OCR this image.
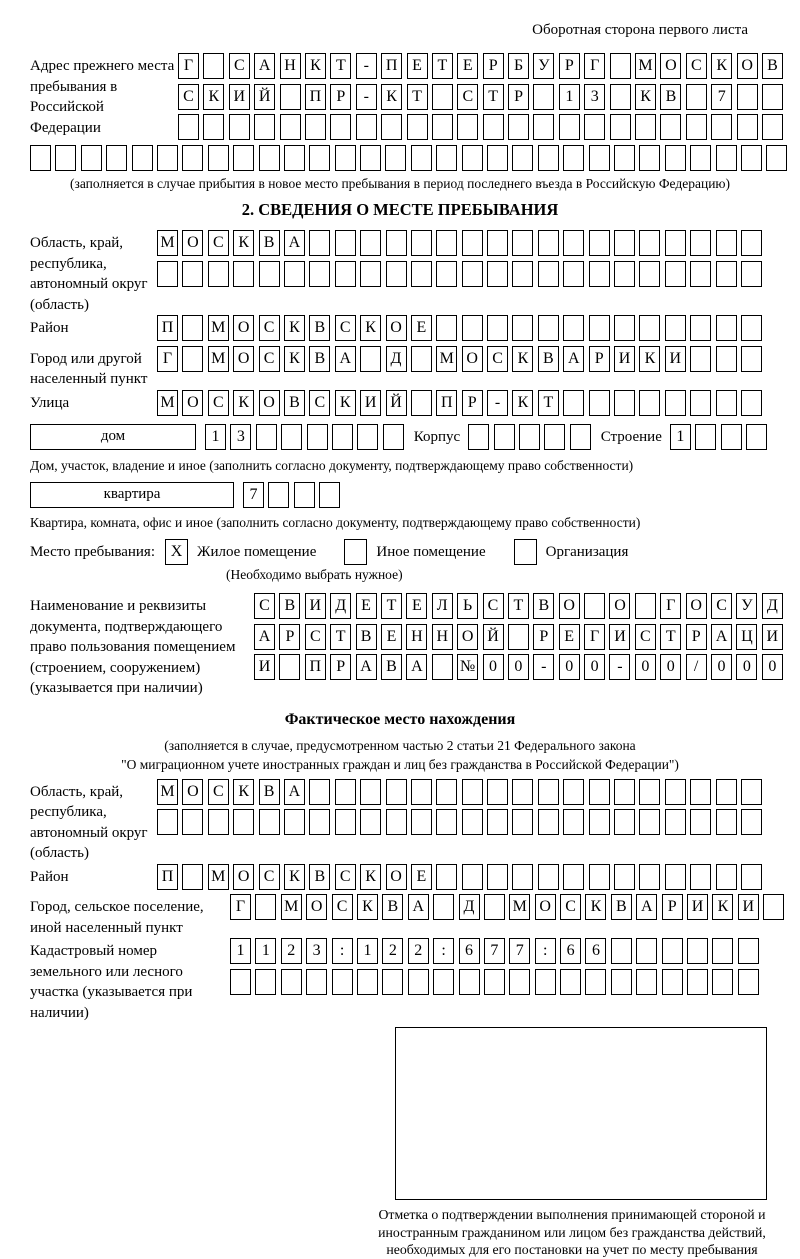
Оборотная сторона первого листа
Адрес прежнего места пребывания в Российской Федерации
Г	С А Н К Т	-	П Е Т Е	Р	Б У Р	Г	М О С К О В
С К И Й П Р	-	К Т	С Т	Р	1	3	К В	7
(заполняется в случае прибытия в новое место пребывания в период последнего въезда в Российскую Федерацию)
2. СВЕДЕНИЯ О МЕСТЕ ПРЕБЫВАНИЯ
Область, край, республика, автономный округ (область)
М О С К В А
Район	П М О С К В С К О Е
Город или другой населенный пункт
Г	М О С К В А	Д	М О С К В А Р И К И
Улица	М О С К О В С К И Й П Р	-	К Т
дом	1	3	Корпус	Строение 1
Дом, участок, владение и иное (заполнить согласно документу, подтверждающему право собственности)
квартира	7
Квартира, комната, офис и иное (заполнить согласно документу, подтверждающему право собственности)
Место пребывания: X Жилое помещение	Иное помещение	Организация
(Необходимо выбрать нужное)
Наименование и реквизиты документа, подтверждающего право пользования помещением (строением, сооружением) (указывается при наличии)
С В И Д Е Т Е Л Ь С Т В О О	Г О С У Д
А Р С Т В Е Н Н О Й	Р	Е Г И С Т	Р А Ц И
И П Р А В А № 0	0	-	0	0	-	0	0	/	0	0	0
Фактическое место нахождения
(заполняется в случае, предусмотренном частью 2 статьи 21 Федерального закона
"О миграционном учете иностранных граждан и лиц без гражданства в Российской Федерации")
Область, край, республика, автономный округ (область)
М О С К В А
Район	П М О С К В С К О Е
Город, сельское поселение, иной населенный пункт
Г	М О С К В А	Д	М О С К В А Р И К И
Кадастровый номер земельного или лесного участка (указывается при наличии)
1	1	2	3	:	1	2	2	:	6	7	7	:	6	6
Отметка о подтверждении выполнения принимающей стороной и иностранным гражданином или лицом без гражданства действий, необходимых для его постановки на учет по месту пребывания
